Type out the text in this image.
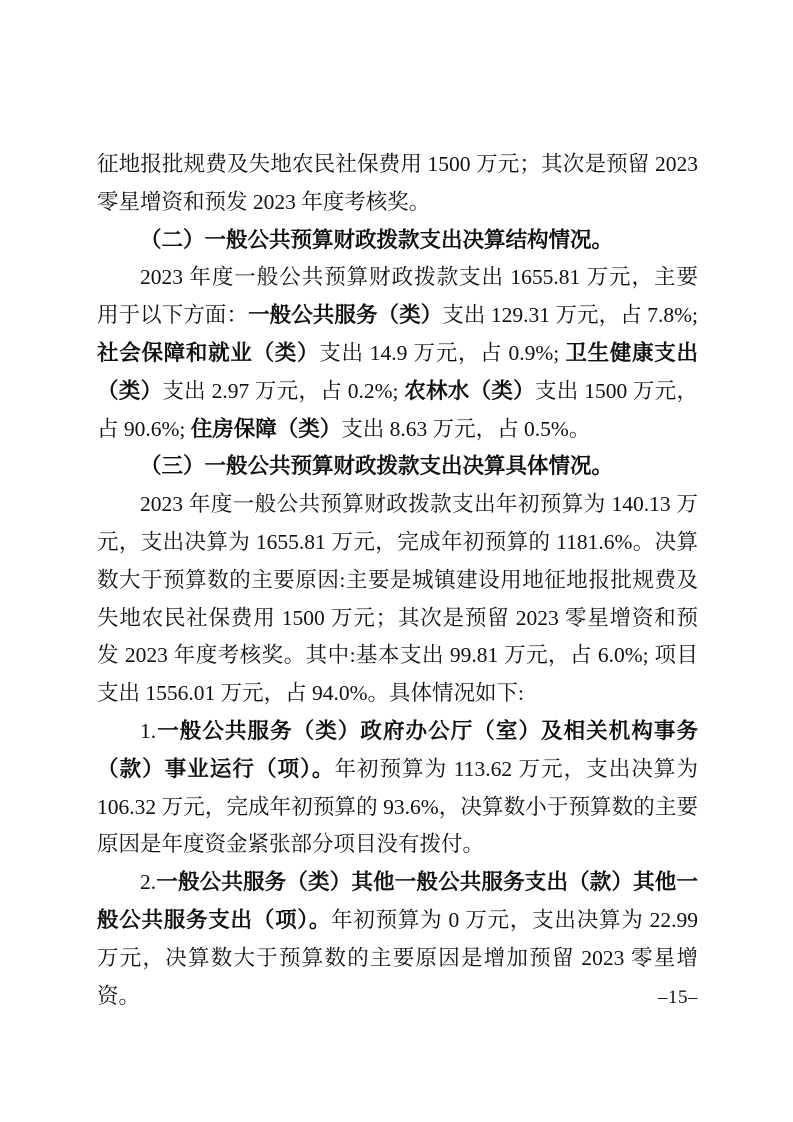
征地报批规费及失地农民社保费用 1500 万元；其次是预留 2023 零星增资和预发 2023 年度考核奖。

（二）一般公共预算财政拨款支出决算结构情况。

2023 年度一般公共预算财政拨款支出 1655.81 万元，主要用于以下方面：一般公共服务（类）支出 129.31 万元，占 7.8%;社会保障和就业（类）支出 14.9 万元，占 0.9%; 卫生健康支出（类）支出 2.97 万元，占 0.2%; 农林水（类）支出 1500 万元，占 90.6%; 住房保障（类）支出 8.63 万元，占 0.5%。

（三）一般公共预算财政拨款支出决算具体情况。

2023 年度一般公共预算财政拨款支出年初预算为 140.13 万元，支出决算为 1655.81 万元，完成年初预算的 1181.6%。决算数大于预算数的主要原因:主要是城镇建设用地征地报批规费及失地农民社保费用 1500 万元；其次是预留 2023 零星增资和预发 2023 年度考核奖。其中:基本支出 99.81 万元，占 6.0%; 项目支出 1556.01 万元，占 94.0%。具体情况如下:

1.一般公共服务（类）政府办公厅（室）及相关机构事务（款）事业运行（项）。年初预算为 113.62 万元，支出决算为 106.32 万元，完成年初预算的 93.6%，决算数小于预算数的主要原因是年度资金紧张部分项目没有拨付。

2.一般公共服务（类）其他一般公共服务支出（款）其他一般公共服务支出（项）。年初预算为 0 万元，支出决算为 22.99 万元，决算数大于预算数的主要原因是增加预留 2023 零星增资。	–15–
